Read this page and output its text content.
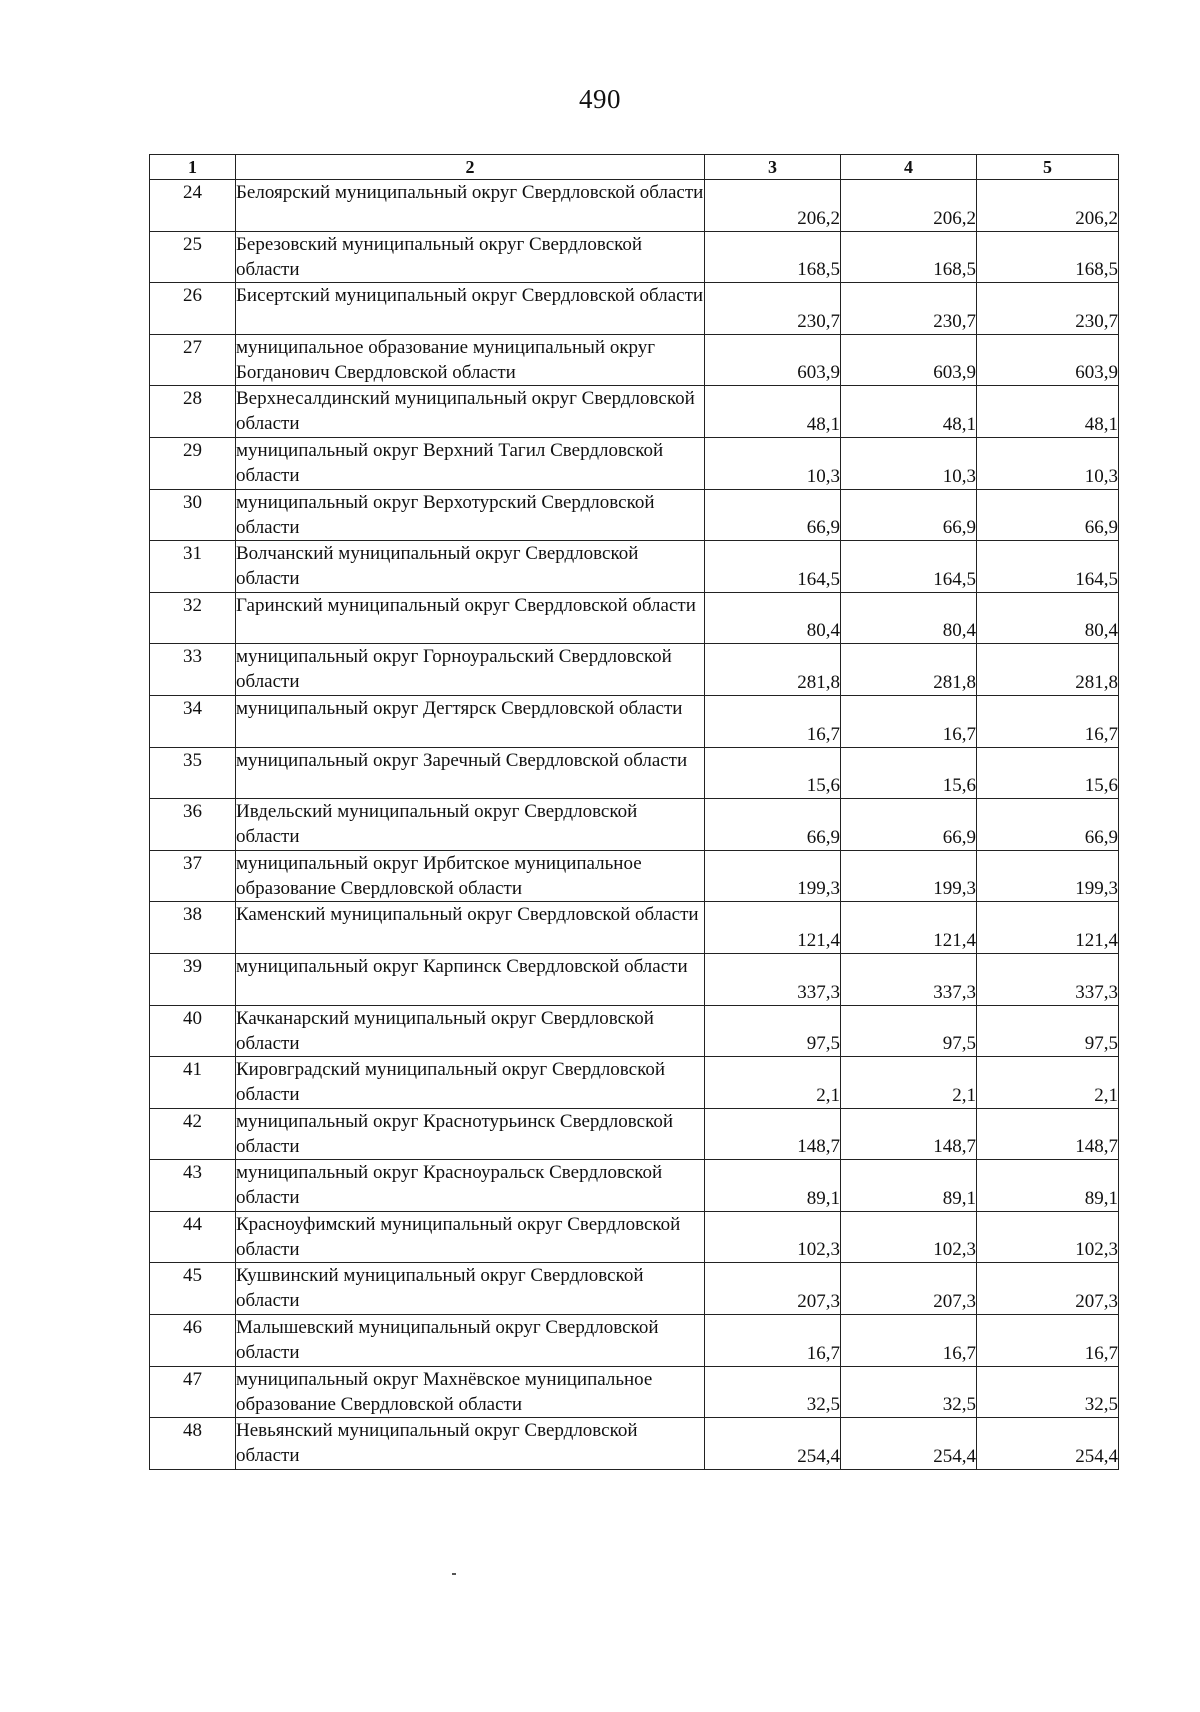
490
1	2	3	4	5
24	Белоярский муниципальный округ Свердловской области	206,2	206,2	206,2
25	Березовский муниципальный округ Свердловской области	168,5	168,5	168,5
26	Бисертский муниципальный округ Свердловской области	230,7	230,7	230,7
27	муниципальное образование муниципальный округ Богданович Свердловской области	603,9	603,9	603,9
28	Верхнесалдинский муниципальный округ Свердловской области	48,1	48,1	48,1
29	муниципальный округ Верхний Тагил Свердловской области	10,3	10,3	10,3
30	муниципальный округ Верхотурский Свердловской области	66,9	66,9	66,9
31	Волчанский муниципальный округ Свердловской области	164,5	164,5	164,5
32	Гаринский муниципальный округ Свердловской области	80,4	80,4	80,4
33	муниципальный округ Горноуральский Свердловской области	281,8	281,8	281,8
34	муниципальный округ Дегтярск Свердловской области	16,7	16,7	16,7
35	муниципальный округ Заречный Свердловской области	15,6	15,6	15,6
36	Ивдельский муниципальный округ Свердловской области	66,9	66,9	66,9
37	муниципальный округ Ирбитское муниципальное образование Свердловской области	199,3	199,3	199,3
38	Каменский муниципальный округ Свердловской области	121,4	121,4	121,4
39	муниципальный округ Карпинск Свердловской области	337,3	337,3	337,3
40	Качканарский муниципальный округ Свердловской области	97,5	97,5	97,5
41	Кировградский муниципальный округ Свердловской области	2,1	2,1	2,1
42	муниципальный округ Краснотурьинск Свердловской области	148,7	148,7	148,7
43	муниципальный округ Красноуральск Свердловской области	89,1	89,1	89,1
44	Красноуфимский муниципальный округ Свердловской области	102,3	102,3	102,3
45	Кушвинский муниципальный округ Свердловской области	207,3	207,3	207,3
46	Малышевский муниципальный округ Свердловской области	16,7	16,7	16,7
47	муниципальный округ Махнёвское муниципальное образование Свердловской области	32,5	32,5	32,5
48	Невьянский муниципальный округ Свердловской области	254,4	254,4	254,4
